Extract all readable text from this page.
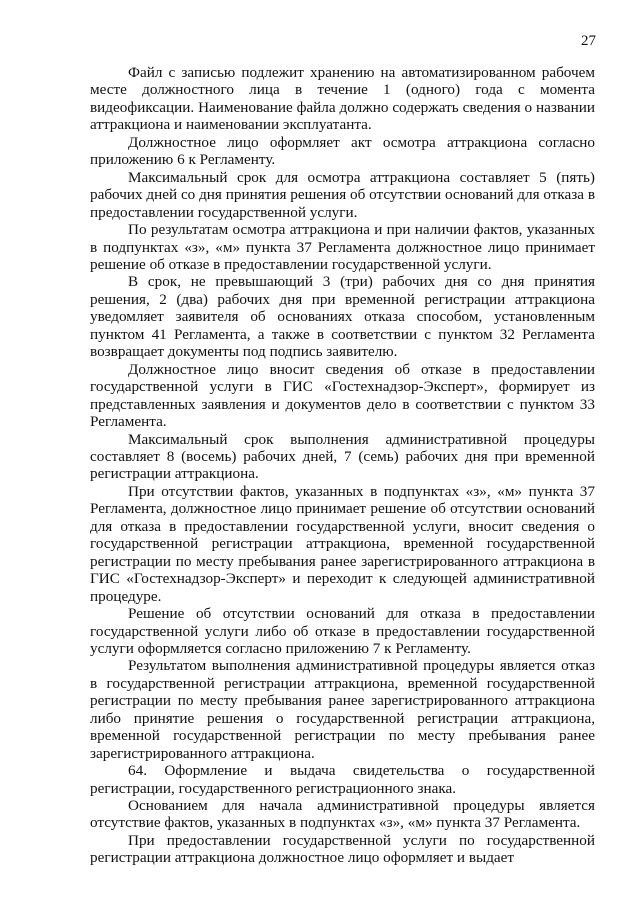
27

Файл с записью подлежит хранению на автоматизированном рабочем месте должностного лица в течение 1 (одного) года с момента видеофиксации. Наименование файла должно содержать сведения о названии аттракциона и наименовании эксплуатанта.

Должностное лицо оформляет акт осмотра аттракциона согласно приложению 6 к Регламенту.

Максимальный срок для осмотра аттракциона составляет 5 (пять) рабочих дней со дня принятия решения об отсутствии оснований для отказа в предоставлении государственной услуги.

По результатам осмотра аттракциона и при наличии фактов, указанных в подпунктах «з», «м» пункта 37 Регламента должностное лицо принимает решение об отказе в предоставлении государственной услуги.

В срок, не превышающий 3 (три) рабочих дня со дня принятия решения, 2 (два) рабочих дня при временной регистрации аттракциона уведомляет заявителя об основаниях отказа способом, установленным пунктом 41 Регламента, а также в соответствии с пунктом 32 Регламента возвращает документы под подпись заявителю.

Должностное лицо вносит сведения об отказе в предоставлении государственной услуги в ГИС «Гостехнадзор-Эксперт», формирует из представленных заявления и документов дело в соответствии с пунктом 33 Регламента.

Максимальный срок выполнения административной процедуры составляет 8 (восемь) рабочих дней, 7 (семь) рабочих дня при временной регистрации аттракциона.

При отсутствии фактов, указанных в подпунктах «з», «м» пункта 37 Регламента, должностное лицо принимает решение об отсутствии оснований для отказа в предоставлении государственной услуги, вносит сведения о государственной регистрации аттракциона, временной государственной регистрации по месту пребывания ранее зарегистрированного аттракциона в ГИС «Гостехнадзор-Эксперт» и переходит к следующей административной процедуре.

Решение об отсутствии оснований для отказа в предоставлении государственной услуги либо об отказе в предоставлении государственной услуги оформляется согласно приложению 7 к Регламенту.

Результатом выполнения административной процедуры является отказ в государственной регистрации аттракциона, временной государственной регистрации по месту пребывания ранее зарегистрированного аттракциона либо принятие решения о государственной регистрации аттракциона, временной государственной регистрации по месту пребывания ранее зарегистрированного аттракциона.

64. Оформление и выдача свидетельства о государственной регистрации, государственного регистрационного знака.

Основанием для начала административной процедуры является отсутствие фактов, указанных в подпунктах «з», «м» пункта 37 Регламента.

При предоставлении государственной услуги по государственной регистрации аттракциона должностное лицо оформляет и выдает
